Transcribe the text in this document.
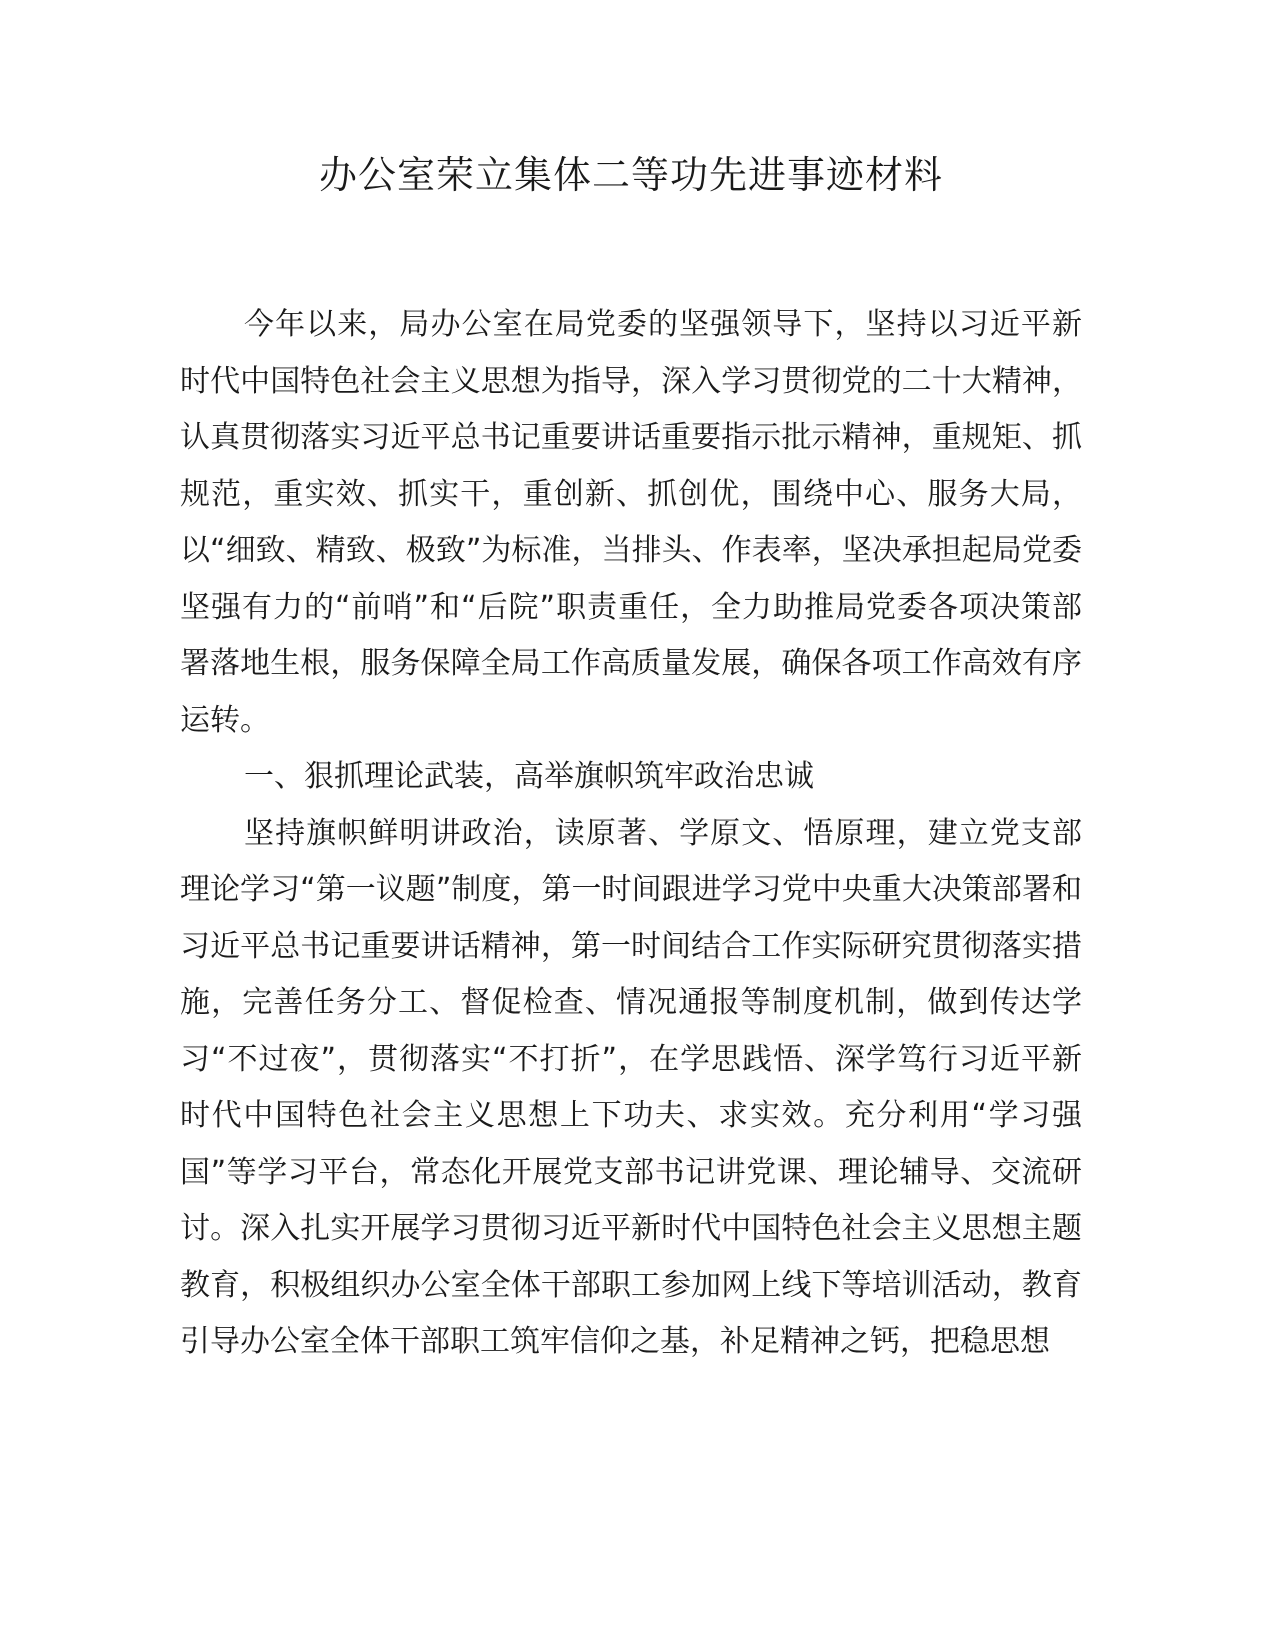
办公室荣立集体二等功先进事迹材料

今年以来，局办公室在局党委的坚强领导下，坚持以习近平新时代中国特色社会主义思想为指导，深入学习贯彻党的二十大精神，认真贯彻落实习近平总书记重要讲话重要指示批示精神，重规矩、抓规范，重实效、抓实干，重创新、抓创优，围绕中心、服务大局，以“细致、精致、极致”为标准，当排头、作表率，坚决承担起局党委坚强有力的“前哨”和“后院”职责重任，全力助推局党委各项决策部署落地生根，服务保障全局工作高质量发展，确保各项工作高效有序运转。

一、狠抓理论武装，高举旗帜筑牢政治忠诚

坚持旗帜鲜明讲政治，读原著、学原文、悟原理，建立党支部理论学习“第一议题”制度，第一时间跟进学习党中央重大决策部署和习近平总书记重要讲话精神，第一时间结合工作实际研究贯彻落实措施，完善任务分工、督促检查、情况通报等制度机制，做到传达学习“不过夜”，贯彻落实“不打折”，在学思践悟、深学笃行习近平新时代中国特色社会主义思想上下功夫、求实效。充分利用“学习强国”等学习平台，常态化开展党支部书记讲党课、理论辅导、交流研讨。深入扎实开展学习贯彻习近平新时代中国特色社会主义思想主题教育，积极组织办公室全体干部职工参加网上线下等培训活动，教育引导办公室全体干部职工筑牢信仰之基，补足精神之钙，把稳思想
